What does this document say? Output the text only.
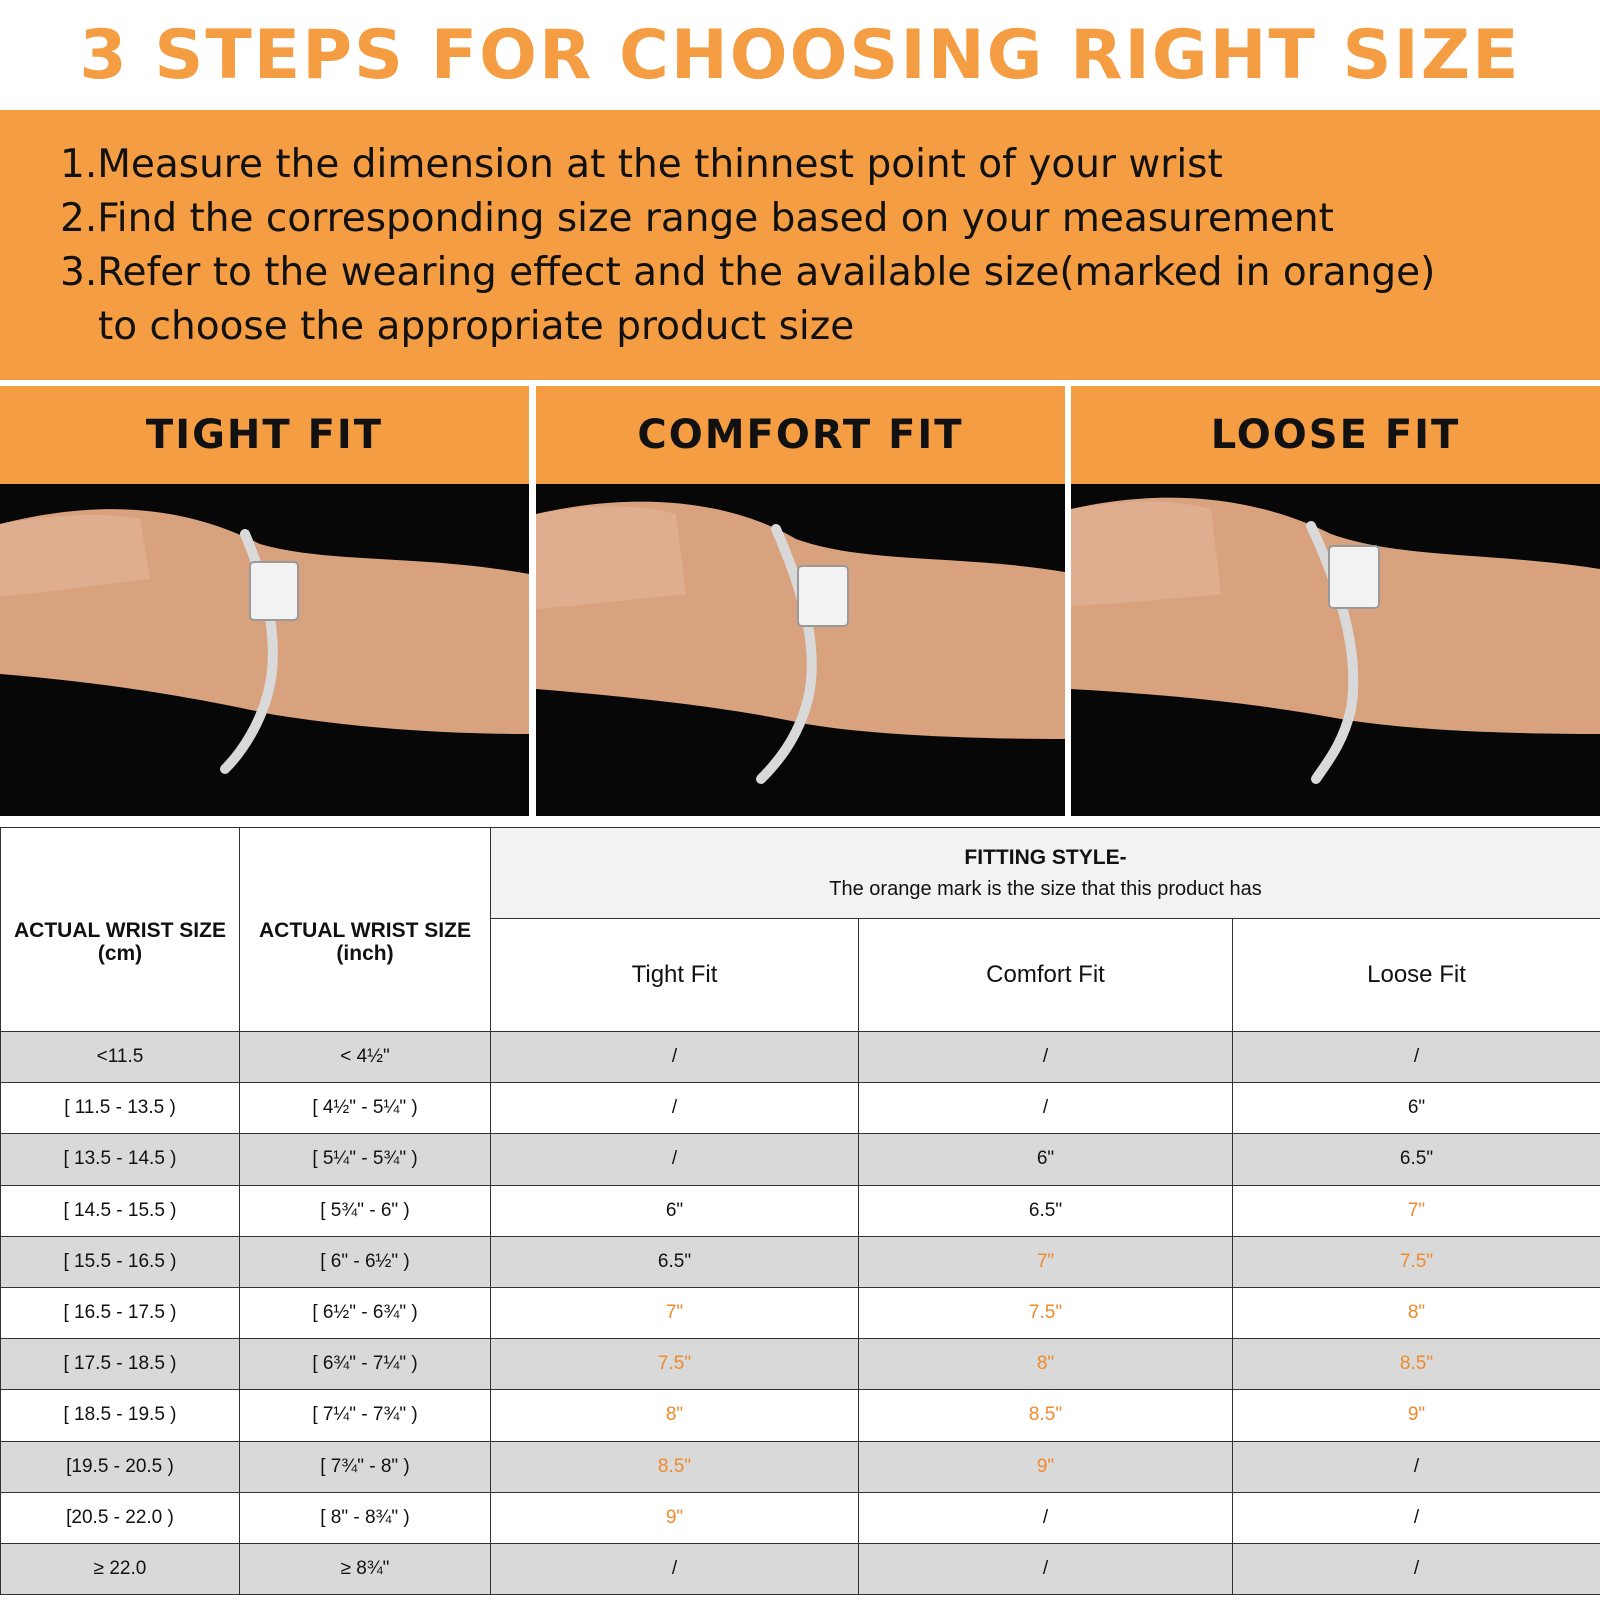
3 STEPS FOR CHOOSING RIGHT SIZE
1.Measure the dimension at the thinnest point of your wrist
2.Find the corresponding size range based on your measurement
3.Refer to the wearing effect and the available size(marked in orange)
to choose the appropriate product size
TIGHT FIT	COMFORT FIT	LOOSE FIT
ACTUAL WRIST SIZE
(cm)	ACTUAL WRIST SIZE
(inch)	FITTING STYLE-
The orange mark is the size that this product has		

		Tight Fit	Comfort Fit	Loose Fit
<11.5	< 4½"	/	/	/
[ 11.5 - 13.5 )	[ 4½" - 5¼" )	/	/	6"
[ 13.5 - 14.5 )	[ 5¼" - 5¾" )	/	6"	6.5"
[ 14.5 - 15.5 )	[ 5¾" - 6" )	6"	6.5"	7"
[ 15.5 - 16.5 )	[ 6" - 6½" )	6.5"	7"	7.5"
[ 16.5 - 17.5 )	[ 6½" - 6¾" )	7"	7.5"	8"
[ 17.5 - 18.5 )	[ 6¾" - 7¼" )	7.5"	8"	8.5"
[ 18.5 - 19.5 )	[ 7¼" - 7¾" )	8"	8.5"	9"
[19.5 - 20.5 )	[ 7¾" - 8" )	8.5"	9"	/
[20.5 - 22.0 )	[ 8" - 8¾" )	9"	/	/
≥ 22.0	≥ 8¾"	/	/	/
